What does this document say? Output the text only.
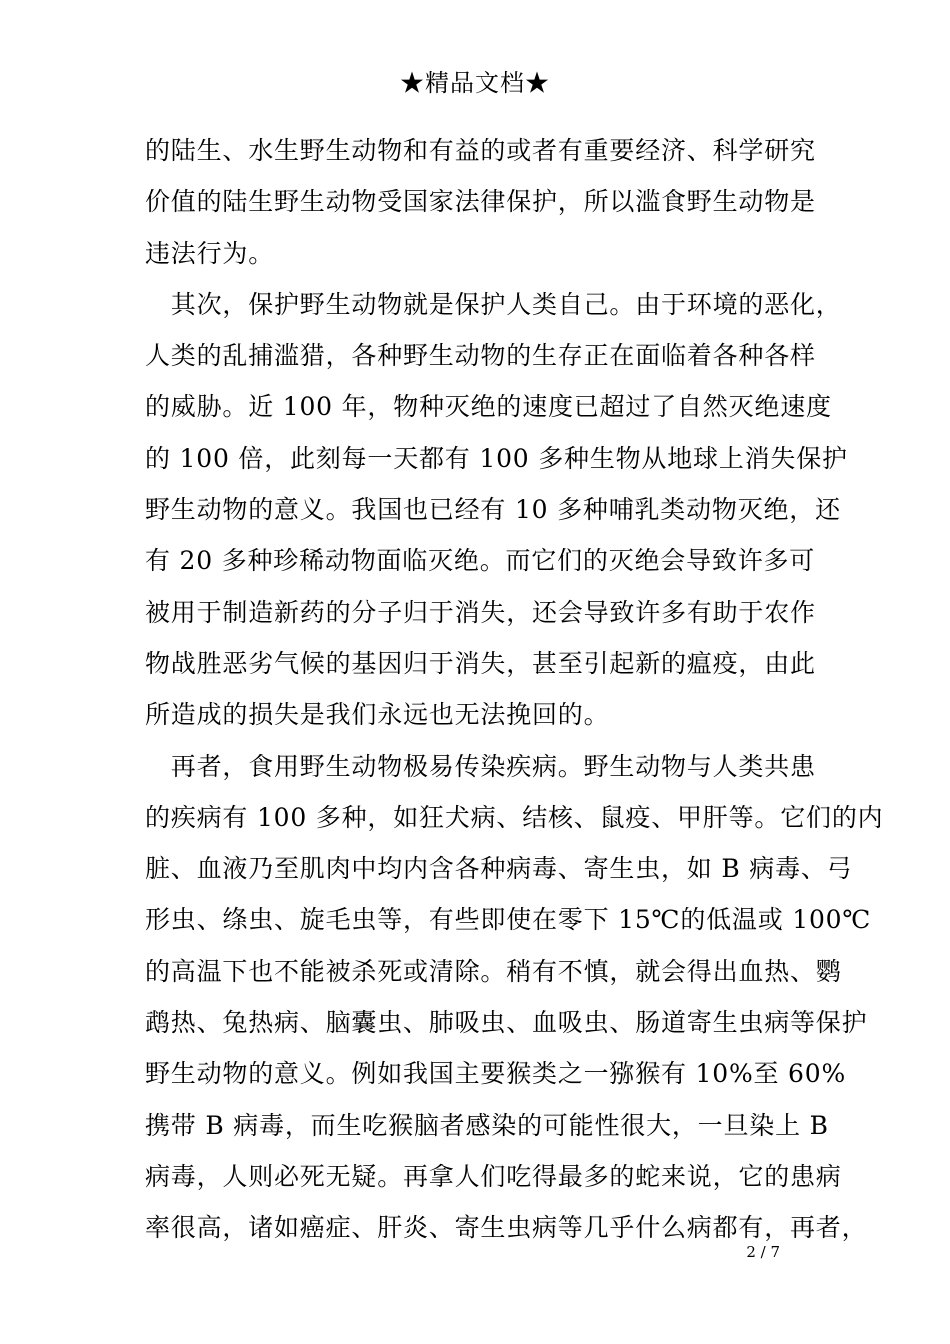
★精品文档★
的陆生、水生野生动物和有益的或者有重要经济、科学研究
价值的陆生野生动物受国家法律保护，所以滥食野生动物是
违法行为。
　其次，保护野生动物就是保护人类自己。由于环境的恶化，
人类的乱捕滥猎，各种野生动物的生存正在面临着各种各样
的威胁。近 100 年，物种灭绝的速度已超过了自然灭绝速度
的 100 倍，此刻每一天都有 100 多种生物从地球上消失保护
野生动物的意义。我国也已经有 10 多种哺乳类动物灭绝，还
有 20 多种珍稀动物面临灭绝。而它们的灭绝会导致许多可
被用于制造新药的分子归于消失，还会导致许多有助于农作
物战胜恶劣气候的基因归于消失，甚至引起新的瘟疫，由此
所造成的损失是我们永远也无法挽回的。
　再者，食用野生动物极易传染疾病。野生动物与人类共患
的疾病有 100 多种，如狂犬病、结核、鼠疫、甲肝等。它们的内
脏、血液乃至肌肉中均内含各种病毒、寄生虫，如 B 病毒、弓
形虫、绦虫、旋毛虫等，有些即使在零下 15℃的低温或 100℃
的高温下也不能被杀死或清除。稍有不慎，就会得出血热、鹦
鹉热、兔热病、脑囊虫、肺吸虫、血吸虫、肠道寄生虫病等保护
野生动物的意义。例如我国主要猴类之一猕猴有 10%至 60%
携带 B 病毒，而生吃猴脑者感染的可能性很大，一旦染上 B
病毒，人则必死无疑。再拿人们吃得最多的蛇来说，它的患病
率很高，诸如癌症、肝炎、寄生虫病等几乎什么病都有，再者，
2 / 7
